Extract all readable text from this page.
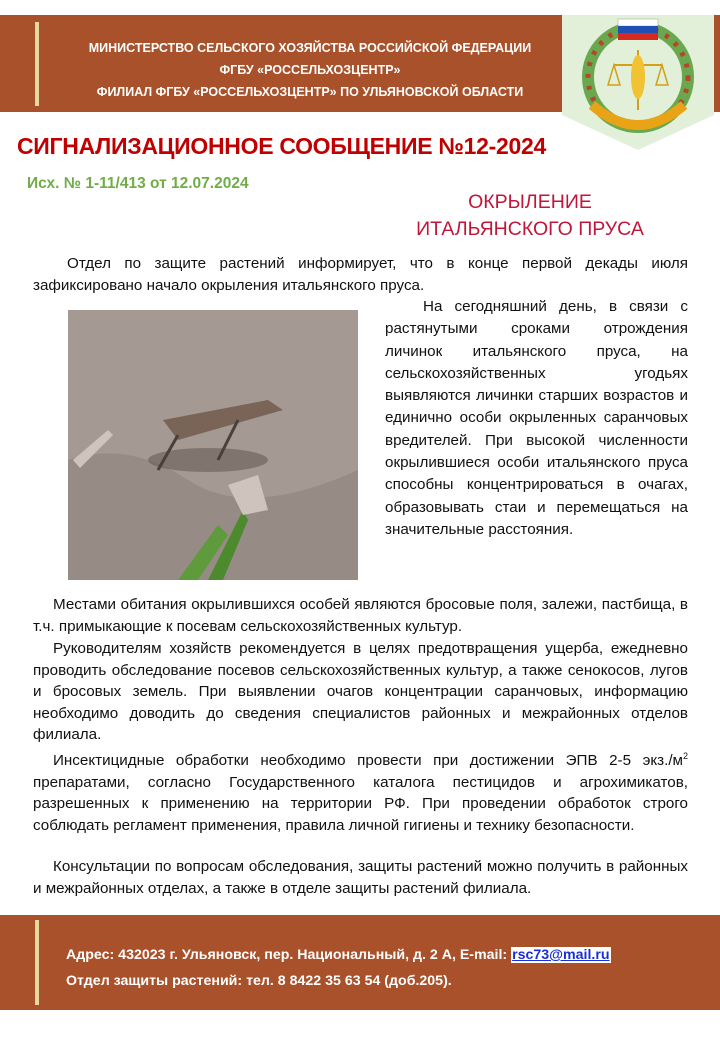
МИНИСТЕРСТВО СЕЛЬСКОГО ХОЗЯЙСТВА РОССИЙСКОЙ ФЕДЕРАЦИИ
ФГБУ «РОССЕЛЬХОЗЦЕНТР»
ФИЛИАЛ ФГБУ «РОССЕЛЬХОЗЦЕНТР» ПО УЛЬЯНОВСКОЙ ОБЛАСТИ
СИГНАЛИЗАЦИОННОЕ СООБЩЕНИЕ №12-2024
Исх. № 1-11/413 от 12.07.2024
ОКРЫЛЕНИЕ
ИТАЛЬЯНСКОГО ПРУСА
Отдел по защите растений информирует, что в конце первой декады июля зафиксировано начало окрыления итальянского пруса.
На сегодняшний день, в связи с растянутыми сроками отрождения личинок итальянского пруса, на сельскохозяйственных угодьях выявляются личинки старших возрастов и единично особи окрыленных саранчовых вредителей. При высокой численности окрылившиеся особи итальянского пруса способны концентрироваться в очагах, образовывать стаи и перемещаться на значительные расстояния.
Местами обитания окрылившихся особей являются бросовые поля, залежи, пастбища, в т.ч. примыкающие к посевам сельскохозяйственных культур.
Руководителям хозяйств рекомендуется в целях предотвращения ущерба, ежедневно проводить обследование посевов сельскохозяйственных культур, а также сенокосов, лугов и бросовых земель. При выявлении очагов концентрации саранчовых, информацию необходимо доводить до сведения специалистов районных и межрайонных отделов филиала.
Инсектицидные обработки необходимо провести при достижении ЭПВ 2-5 $экз./м^2$ препаратами, согласно Государственного каталога пестицидов и агрохимикатов, разрешенных к применению на территории РФ. При проведении обработок строго соблюдать регламент применения, правила личной гигиены и технику безопасности.
Консультации по вопросам обследования, защиты растений можно получить в районных и межрайонных отделах, а также в отделе защиты растений филиала.
Адрес: 432023 г. Ульяновск, пер. Национальный, д. 2 А, E-mail: rsc73@mail.ru
Отдел защиты растений: тел. 8 8422 35 63 54 (доб.205).
